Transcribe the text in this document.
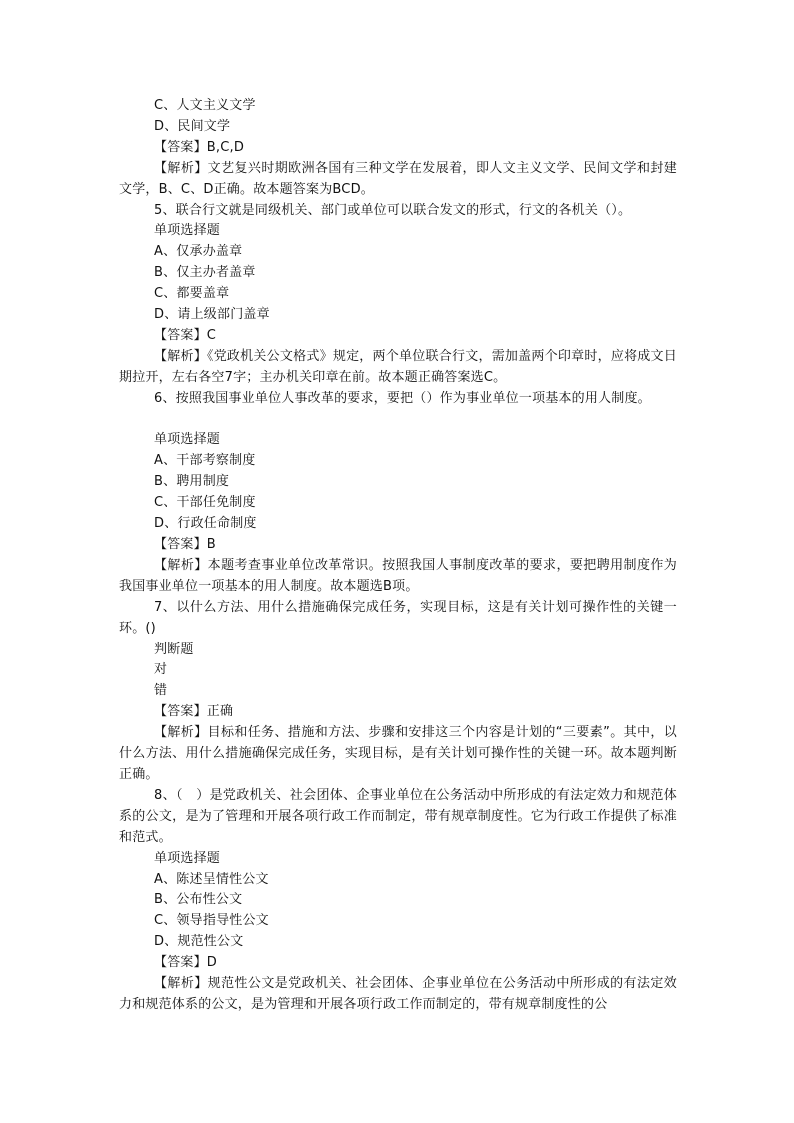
C、人文主义文学
D、民间文学
【答案】B,C,D
【解析】文艺复兴时期欧洲各国有三种文学在发展着，即人文主义文学、民间文学和封建文学，B、C、D正确。故本题答案为BCD。
5、联合行文就是同级机关、部门或单位可以联合发文的形式，行文的各机关（）。
单项选择题
A、仅承办盖章
B、仅主办者盖章
C、都要盖章
D、请上级部门盖章
【答案】C
【解析】《党政机关公文格式》规定，两个单位联合行文，需加盖两个印章时，应将成文日期拉开，左右各空7字；主办机关印章在前。故本题正确答案选C。
6、按照我国事业单位人事改革的要求，要把（）作为事业单位一项基本的用人制度。
单项选择题
A、干部考察制度
B、聘用制度
C、干部任免制度
D、行政任命制度
【答案】B
【解析】本题考查事业单位改革常识。按照我国人事制度改革的要求，要把聘用制度作为我国事业单位一项基本的用人制度。故本题选B项。
7、以什么方法、用什么措施确保完成任务，实现目标，这是有关计划可操作性的关键一环。()
判断题
对
错
【答案】正确
【解析】目标和任务、措施和方法、步骤和安排这三个内容是计划的“三要素”。其中，以什么方法、用什么措施确保完成任务，实现目标，是有关计划可操作性的关键一环。故本题判断正确。
8、（　）是党政机关、社会团体、企事业单位在公务活动中所形成的有法定效力和规范体系的公文，是为了管理和开展各项行政工作而制定，带有规章制度性。它为行政工作提供了标准和范式。
单项选择题
A、陈述呈情性公文
B、公布性公文
C、领导指导性公文
D、规范性公文
【答案】D
【解析】规范性公文是党政机关、社会团体、企事业单位在公务活动中所形成的有法定效力和规范体系的公文，是为管理和开展各项行政工作而制定的，带有规章制度性的公
